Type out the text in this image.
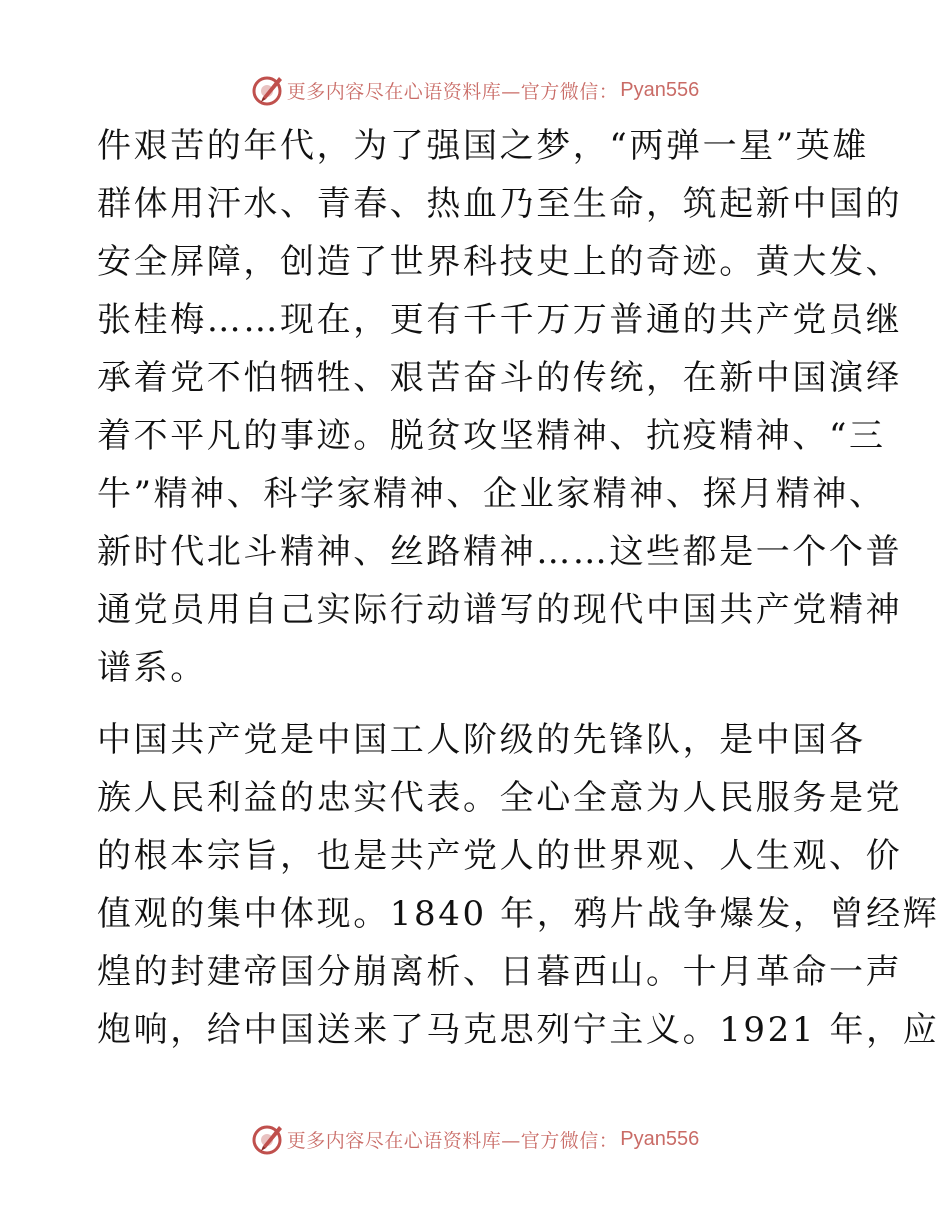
更多内容尽在心语资料库—官方微信： Pyan556
件艰苦的年代，为了强国之梦，“两弹一星”英雄
群体用汗水、青春、热血乃至生命，筑起新中国的
安全屏障，创造了世界科技史上的奇迹。黄大发、
张桂梅……现在，更有千千万万普通的共产党员继
承着党不怕牺牲、艰苦奋斗的传统，在新中国演绎
着不平凡的事迹。脱贫攻坚精神、抗疫精神、“三
牛”精神、科学家精神、企业家精神、探月精神、
新时代北斗精神、丝路精神……这些都是一个个普
通党员用自己实际行动谱写的现代中国共产党精神
谱系。
中国共产党是中国工人阶级的先锋队，是中国各
族人民利益的忠实代表。全心全意为人民服务是党
的根本宗旨，也是共产党人的世界观、人生观、价
值观的集中体现。1840 年，鸦片战争爆发，曾经辉
煌的封建帝国分崩离析、日暮西山。十月革命一声
炮响，给中国送来了马克思列宁主义。1921 年，应
更多内容尽在心语资料库—官方微信： Pyan556
